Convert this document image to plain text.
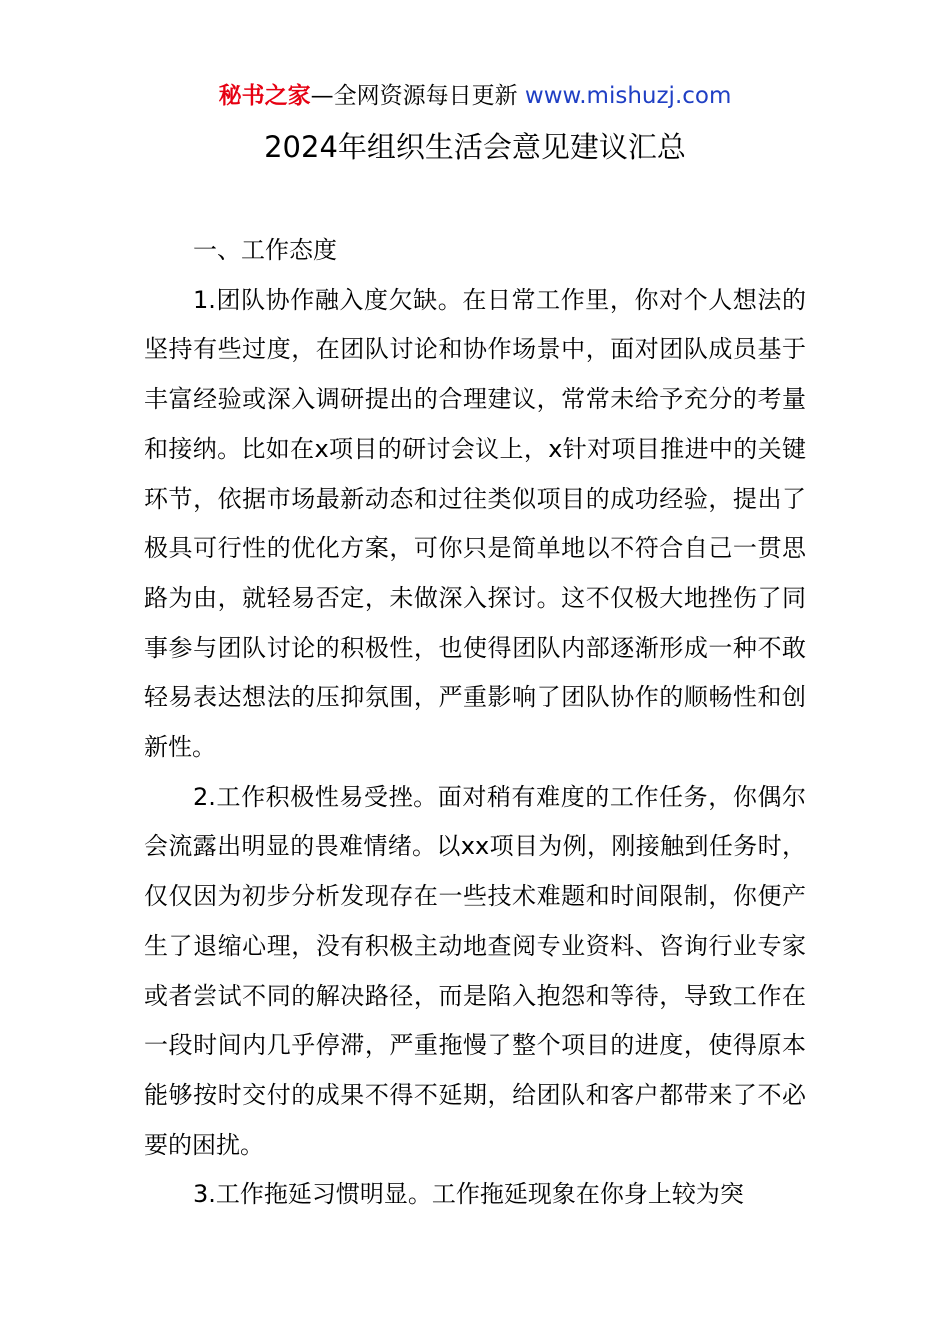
秘书之家—全网资源每日更新 www.mishuzj.com
2024年组织生活会意见建议汇总

一、工作态度

1.团队协作融入度欠缺。在日常工作里，你对个人想法的坚持有些过度，在团队讨论和协作场景中，面对团队成员基于丰富经验或深入调研提出的合理建议，常常未给予充分的考量和接纳。比如在x项目的研讨会议上，x针对项目推进中的关键环节，依据市场最新动态和过往类似项目的成功经验，提出了极具可行性的优化方案，可你只是简单地以不符合自己一贯思路为由，就轻易否定，未做深入探讨。这不仅极大地挫伤了同事参与团队讨论的积极性，也使得团队内部逐渐形成一种不敢轻易表达想法的压抑氛围，严重影响了团队协作的顺畅性和创新性。

2.工作积极性易受挫。面对稍有难度的工作任务，你偶尔会流露出明显的畏难情绪。以xx项目为例，刚接触到任务时，仅仅因为初步分析发现存在一些技术难题和时间限制，你便产生了退缩心理，没有积极主动地查阅专业资料、咨询行业专家或者尝试不同的解决路径，而是陷入抱怨和等待，导致工作在一段时间内几乎停滞，严重拖慢了整个项目的进度，使得原本能够按时交付的成果不得不延期，给团队和客户都带来了不必要的困扰。

3.工作拖延习惯明显。工作拖延现象在你身上较为突
